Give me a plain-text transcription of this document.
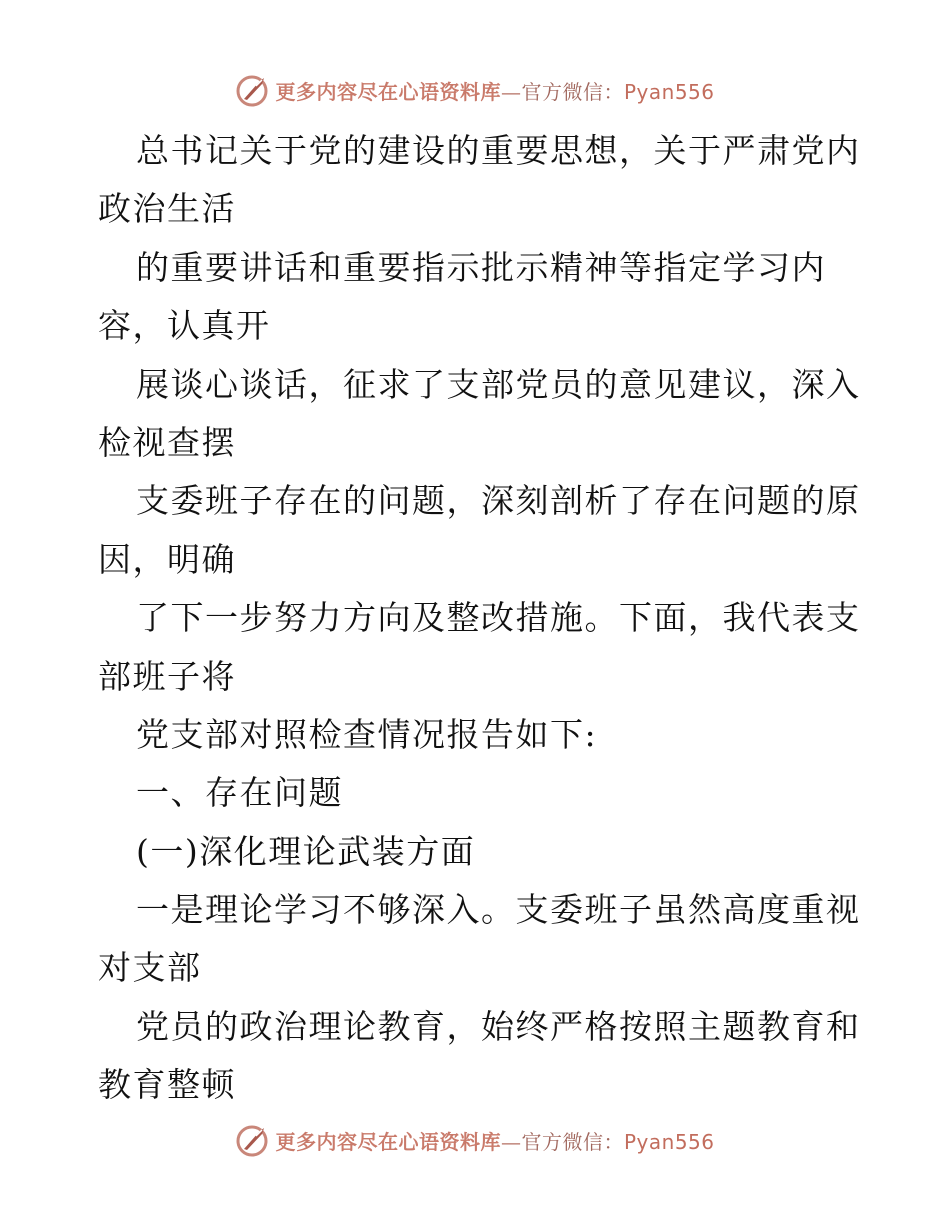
更多内容尽在心语资料库—官方微信：Pyan556
总书记关于党的建设的重要思想，关于严肃党内
政治生活
的重要讲话和重要指示批示精神等指定学习内
容，认真开
展谈心谈话，征求了支部党员的意见建议，深入
检视查摆
支委班子存在的问题，深刻剖析了存在问题的原
因，明确
了下一步努力方向及整改措施。下面，我代表支
部班子将
党支部对照检查情况报告如下:
一、存在问题
(一)深化理论武装方面
一是理论学习不够深入。支委班子虽然高度重视
对支部
党员的政治理论教育，始终严格按照主题教育和
教育整顿
更多内容尽在心语资料库—官方微信：Pyan556
